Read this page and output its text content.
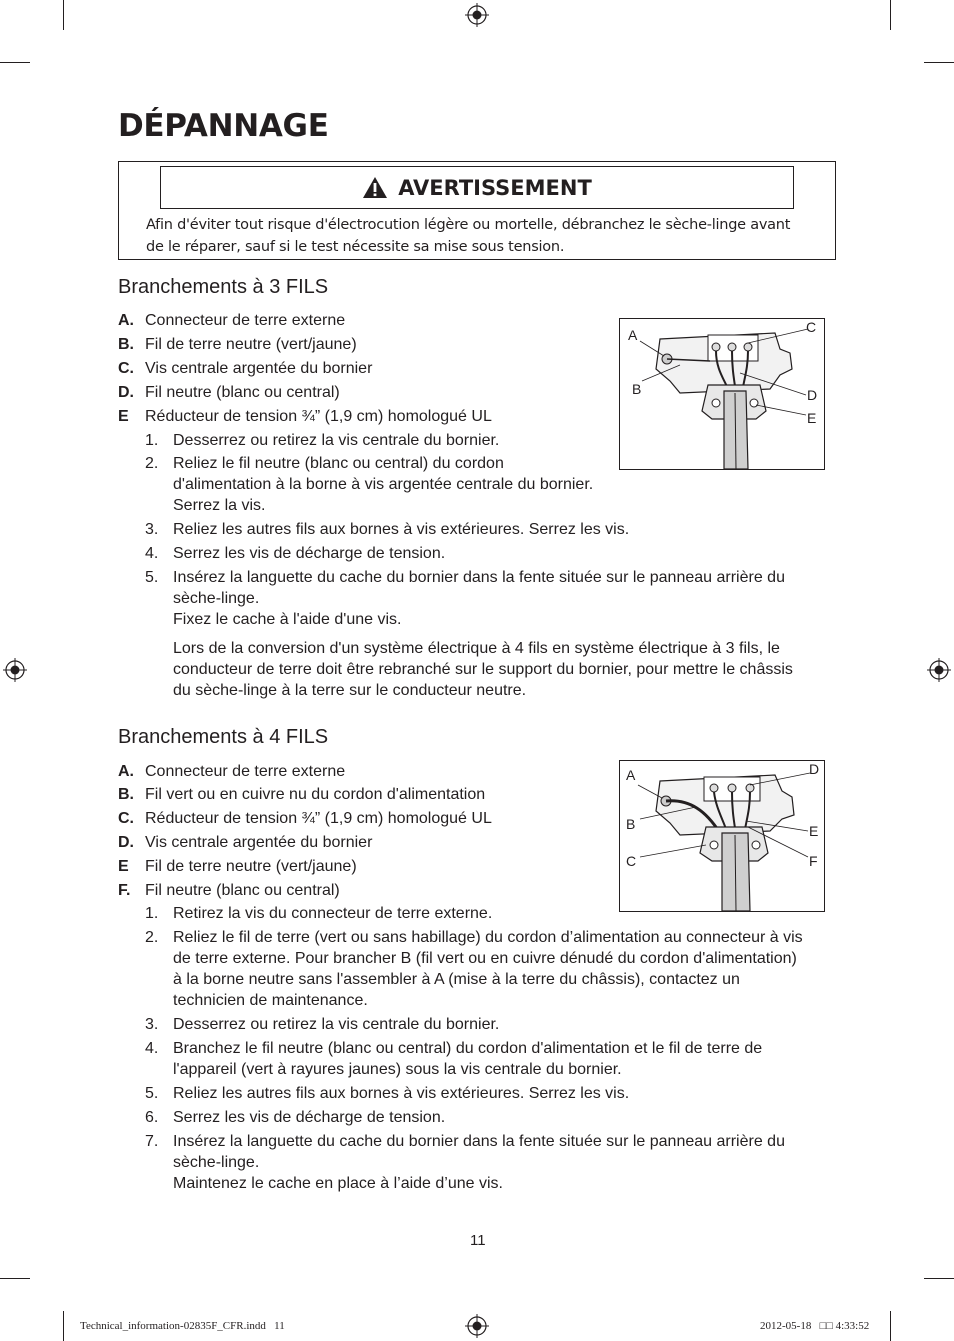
DÉPANNAGE
AVERTISSEMENT
Afin d'éviter tout risque d'électrocution légère ou mortelle, débranchez le sèche-linge avant
de le réparer, sauf si le test nécessite sa mise sous tension.
Branchements à 3 FILS
A. Connecteur de terre externe
B. Fil de terre neutre (vert/jaune)
C. Vis centrale argentée du bornier
D. Fil neutre (blanc ou central)
E Réducteur de tension ¾” (1,9 cm) homologué UL
1. Desserrez ou retirez la vis centrale du bornier.
2. Reliez le fil neutre (blanc ou central) du cordon
d'alimentation à la borne à vis argentée centrale du bornier.
Serrez la vis.
3. Reliez les autres fils aux bornes à vis extérieures. Serrez les vis.
4. Serrez les vis de décharge de tension.
5. Insérez la languette du cache du bornier dans la fente située sur le panneau arrière du
sèche-linge.
Fixez le cache à l'aide d'une vis.
Lors de la conversion d'un système électrique à 4 fils en système électrique à 3 fils, le
conducteur de terre doit être rebranché sur le support du bornier, pour mettre le châssis
du sèche-linge à la terre sur le conducteur neutre.
A
B
C
D
E
Branchements à 4 FILS
A. Connecteur de terre externe
B. Fil vert ou en cuivre nu du cordon d'alimentation
C. Réducteur de tension ¾” (1,9 cm) homologué UL
D. Vis centrale argentée du bornier
E Fil de terre neutre (vert/jaune)
F. Fil neutre (blanc ou central)
1. Retirez la vis du connecteur de terre externe.
2. Reliez le fil de terre (vert ou sans habillage) du cordon d’alimentation au connecteur à vis
de terre externe. Pour brancher B (fil vert ou en cuivre dénudé du cordon d'alimentation)
à la borne neutre sans l'assembler à A (mise à la terre du châssis), contactez un
technicien de maintenance.
3. Desserrez ou retirez la vis centrale du bornier.
4. Branchez le fil neutre (blanc ou central) du cordon d'alimentation et le fil de terre de
l'appareil (vert à rayures jaunes) sous la vis centrale du bornier.
5. Reliez les autres fils aux bornes à vis extérieures. Serrez les vis.
6. Serrez les vis de décharge de tension.
7. Insérez la languette du cache du bornier dans la fente située sur le panneau arrière du
sèche-linge.
Maintenez le cache en place à l’aide d’une vis.
A
B
C
D
E
F
11
Technical_information-02835F_CFR.indd   11	2012-05-18   □□ 4:33:52
